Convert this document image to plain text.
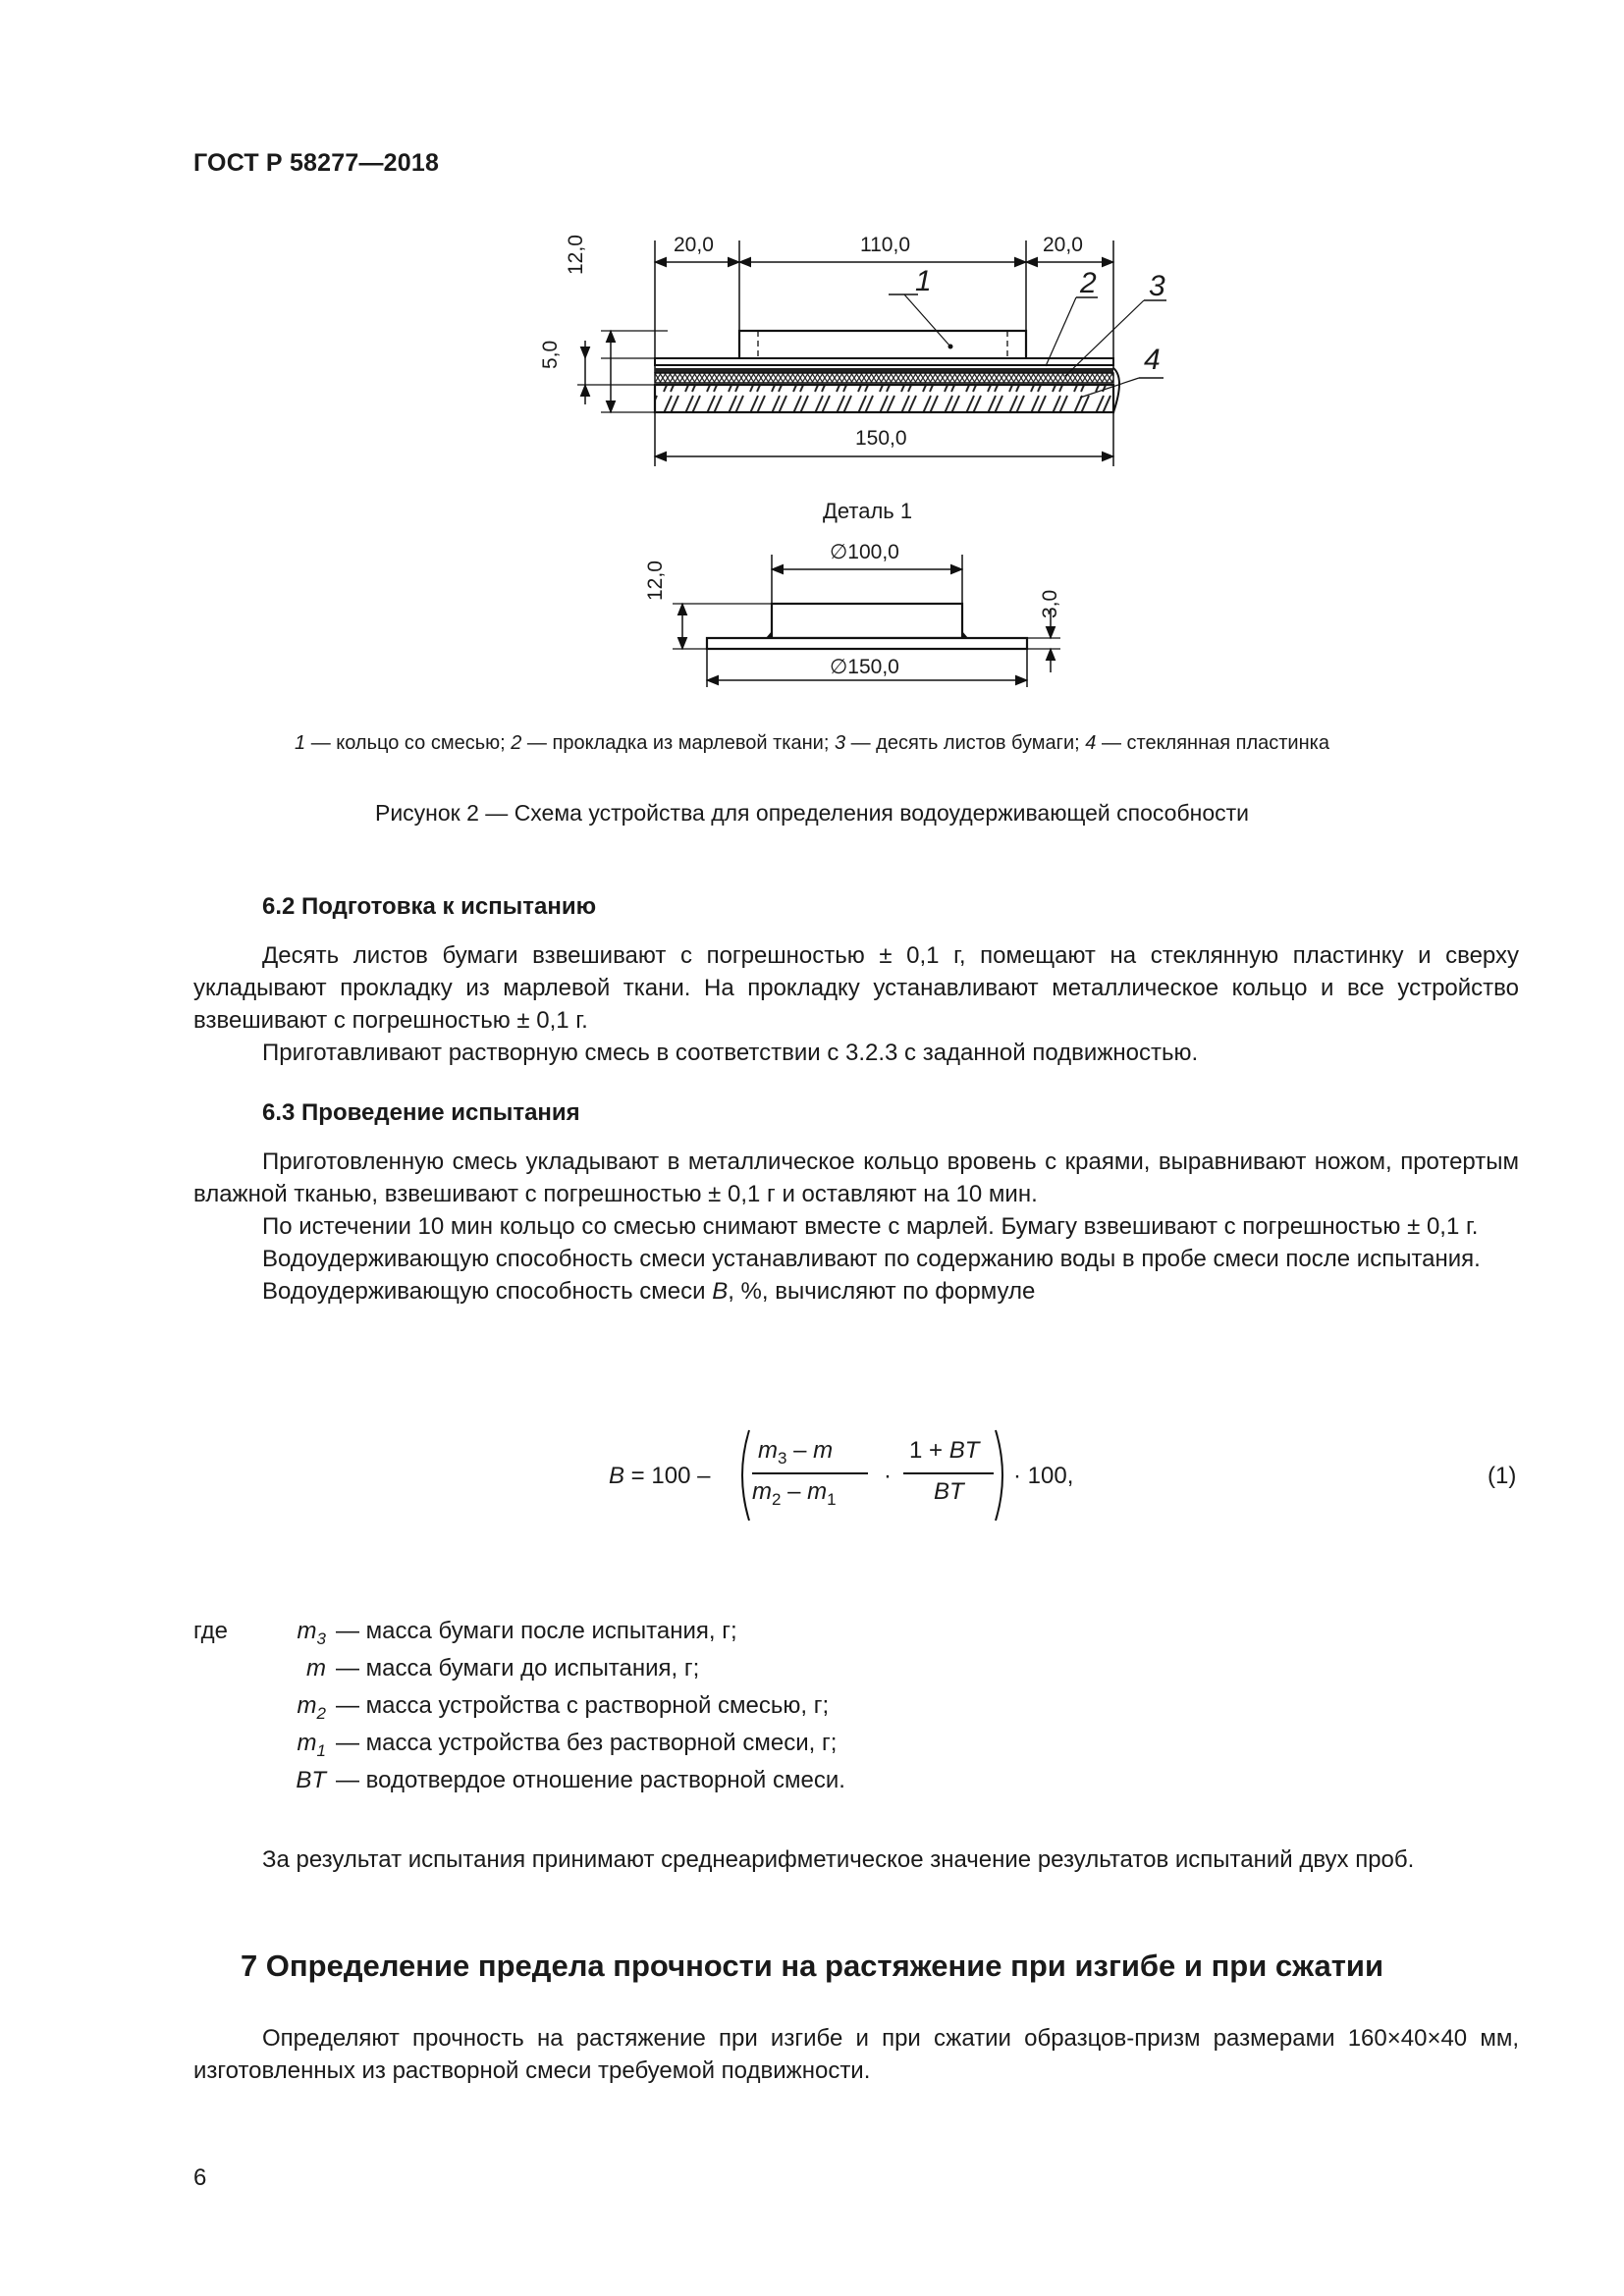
ГОСТ Р 58277—2018
20,0	110,0	20,0
12,0
5,0
150,0
1	2 3
4
Деталь 1
∅100,0
∅150,0
12,0
3,0
1 — кольцо со смесью; 2 — прокладка из марлевой ткани; 3 — десять листов бумаги; 4 — стеклянная пластинка
Рисунок 2 — Схема устройства для определения водоудерживающей способности
6.2 Подготовка к испытанию

Десять листов бумаги взвешивают с погрешностью ± 0,1 г, помещают на стеклянную пластинку и сверху укладывают прокладку из марлевой ткани. На прокладку устанавливают металлическое кольцо и все устройство взвешивают с погрешностью ± 0,1 г.

Приготавливают растворную смесь в соответствии с 3.2.3 с заданной подвижностью.

6.3 Проведение испытания

Приготовленную смесь укладывают в металлическое кольцо вровень с краями, выравнивают ножом, протертым влажной тканью, взвешивают с погрешностью ± 0,1 г и оставляют на 10 мин.

По истечении 10 мин кольцо со смесью снимают вместе с марлей. Бумагу взвешивают с погрешностью ± 0,1 г.

Водоудерживающую способность смеси устанавливают по содержанию воды в пробе смеси после испытания.

Водоудерживающую способность смеси B, %, вычисляют по формуле

B = 100 –
$m_3$ – m
$m_2 - m_1$
·
1 + BT
BT
· 100,	(1)
где	$m_3$ — масса бумаги после испытания, г;
m — масса бумаги до испытания, г;
$m_2$ — масса устройства с растворной смесью, г;
$m_1$ — масса устройства без растворной смеси, г;
BT — водотвердое отношение растворной смеси.

За результат испытания принимают среднеарифметическое значение результатов испытаний двух проб.

7 Определение предела прочности на растяжение при изгибе и при сжатии

Определяют прочность на растяжение при изгибе и при сжатии образцов-призм размерами 160×40×40 мм, изготовленных из растворной смеси требуемой подвижности.

6
